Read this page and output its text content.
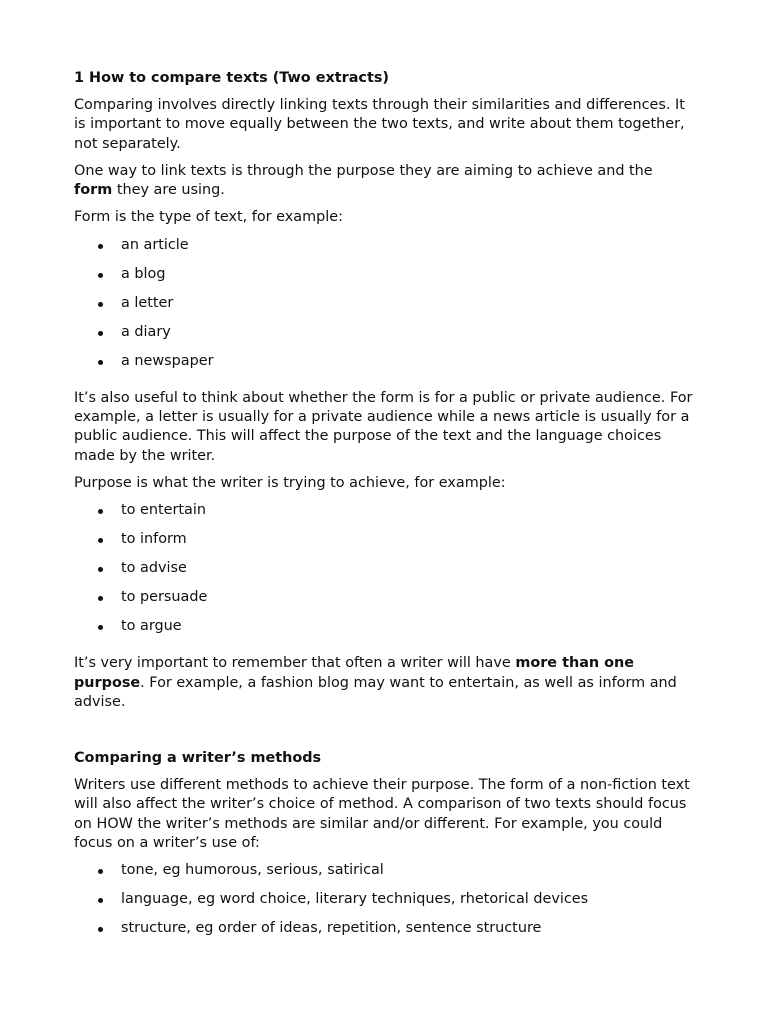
1 How to compare texts (Two extracts)

Comparing involves directly linking texts through their similarities and differences. It is important to move equally between the two texts, and write about them together, not separately.

One way to link texts is through the purpose they are aiming to achieve and the form they are using.

Form is the type of text, for example:

an article
a blog
a letter
a diary
a newspaper

It’s also useful to think about whether the form is for a public or private audience. For example, a letter is usually for a private audience while a news article is usually for a public audience. This will affect the purpose of the text and the language choices made by the writer.

Purpose is what the writer is trying to achieve, for example:

to entertain
to inform
to advise
to persuade
to argue

It’s very important to remember that often a writer will have more than one purpose. For example, a fashion blog may want to entertain, as well as inform and advise.

Comparing a writer’s methods

Writers use different methods to achieve their purpose. The form of a non-fiction text will also affect the writer’s choice of method. A comparison of two texts should focus on HOW the writer’s methods are similar and/or different. For example, you could focus on a writer’s use of:

tone, eg humorous, serious, satirical
language, eg word choice, literary techniques, rhetorical devices
structure, eg order of ideas, repetition, sentence structure
